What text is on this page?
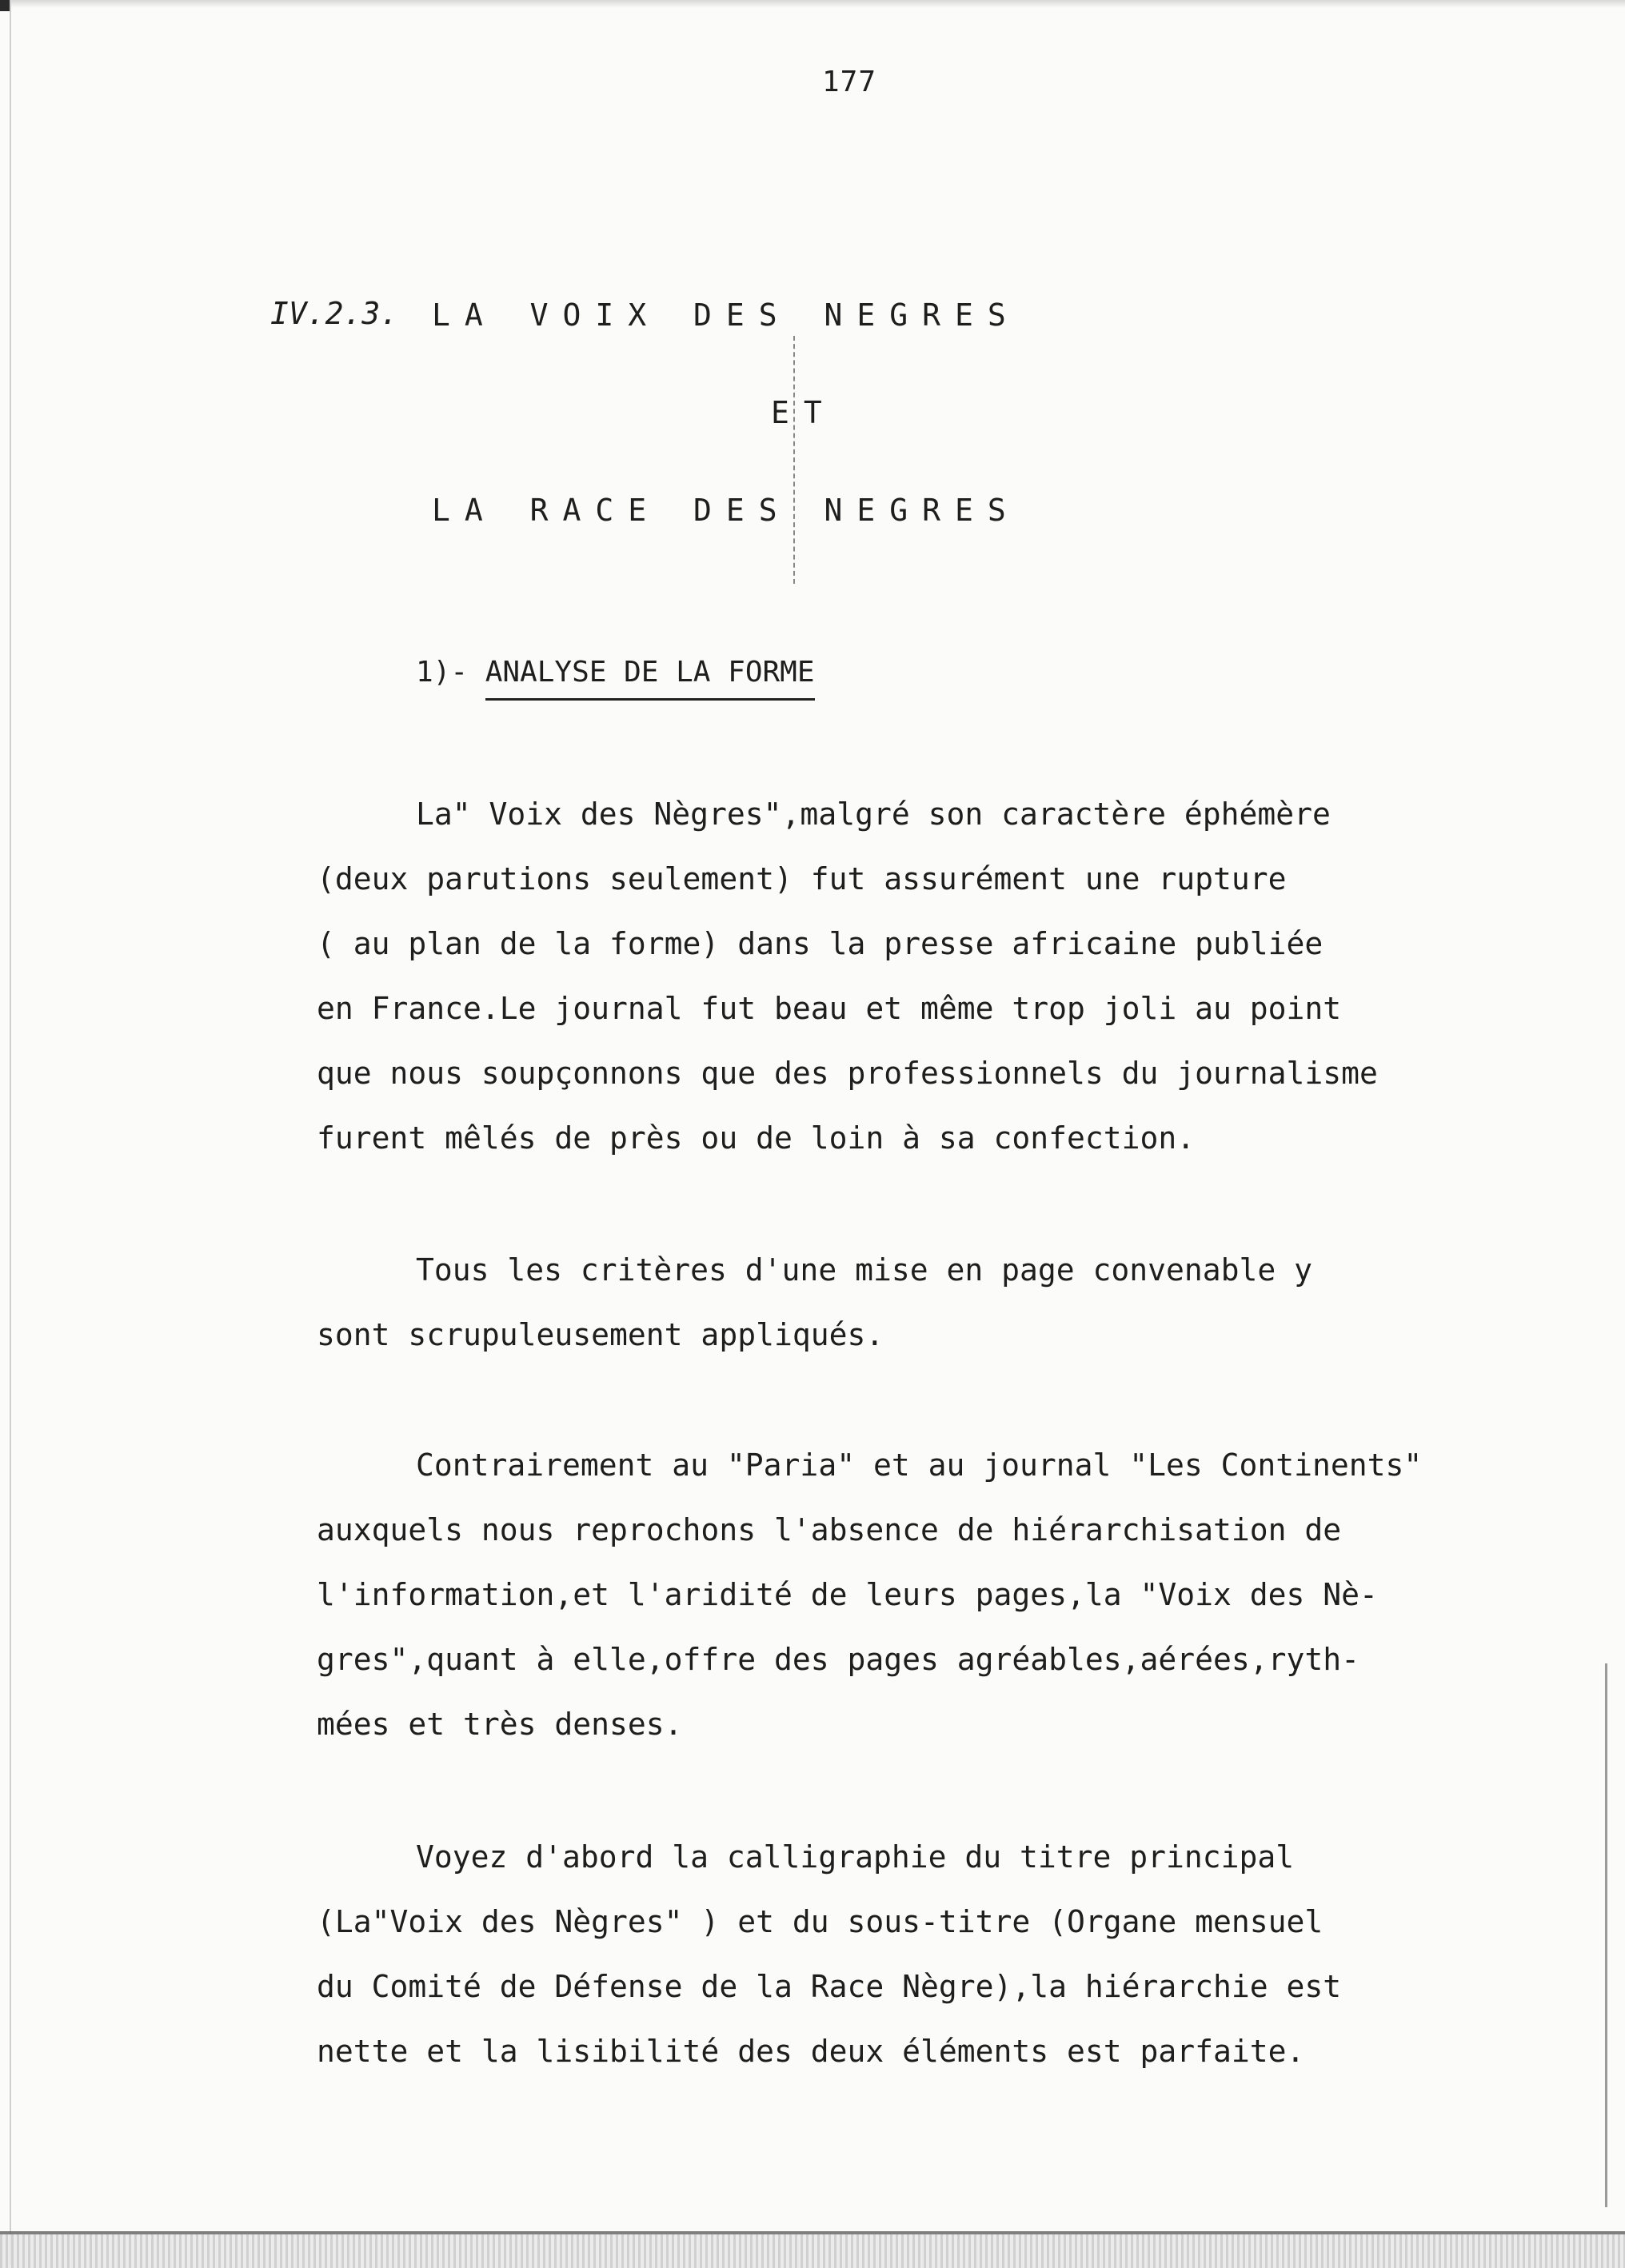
177
IV.2.3. LA VOIX DES NEGRES
ET
LA RACE DES NEGRES
1)- ANALYSE DE LA FORME
La" Voix des Nègres",malgré son caractère éphémère
(deux parutions seulement) fut assurément une rupture
( au plan de la forme) dans la presse africaine publiée
en France.Le journal fut beau et même trop joli au point
que nous soupçonnons que des professionnels du journalisme
furent mêlés de près ou de loin à sa confection.
Tous les critères d'une mise en page convenable y
sont scrupuleusement appliqués.
Contrairement au "Paria" et au journal "Les Continents"
auxquels nous reprochons l'absence de hiérarchisation de
l'information,et l'aridité de leurs pages,la "Voix des Nè-
gres",quant à elle,offre des pages agréables,aérées,ryth-
mées et très denses.
Voyez d'abord la calligraphie du titre principal
(La"Voix des Nègres" ) et du sous-titre (Organe mensuel
du Comité de Défense de la Race Nègre),la hiérarchie est
nette et la lisibilité des deux éléments est parfaite.
